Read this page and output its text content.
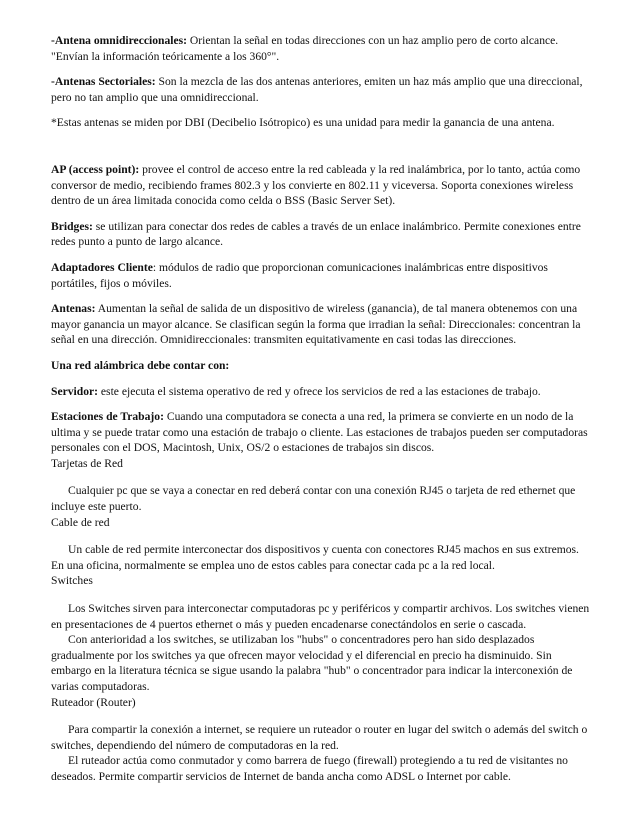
-Antena omnidireccionales: Orientan la señal en todas direcciones con un haz amplio pero de corto alcance. "Envían la información teóricamente a los 360°".

-Antenas Sectoriales: Son la mezcla de las dos antenas anteriores, emiten un haz más amplio que una direccional, pero no tan amplio que una omnidireccional.

*Estas antenas se miden por DBI (Decibelio Isótropico) es una unidad para medir la ganancia de una antena.

AP (access point): provee el control de acceso entre la red cableada y la red inalámbrica, por lo tanto, actúa como conversor de medio, recibiendo frames 802.3 y los convierte en 802.11 y viceversa. Soporta conexiones wireless dentro de un área limitada conocida como celda o BSS (Basic Server Set).

Bridges: se utilizan para conectar dos redes de cables a través de un enlace inalámbrico. Permite conexiones entre redes punto a punto de largo alcance.

Adaptadores Cliente: módulos de radio que proporcionan comunicaciones inalámbricas entre dispositivos portátiles, fijos o móviles.

Antenas: Aumentan la señal de salida de un dispositivo de wireless (ganancia), de tal manera obtenemos con una mayor ganancia un mayor alcance. Se clasifican según la forma que irradian la señal: Direccionales: concentran la señal en una dirección. Omnidireccionales: transmiten equitativamente en casi todas las direcciones.

Una red alámbrica debe contar con:

Servidor: este ejecuta el sistema operativo de red y ofrece los servicios de red a las estaciones de trabajo.

Estaciones de Trabajo: Cuando una computadora se conecta a una red, la primera se convierte en un nodo de la ultima y se puede tratar como una estación de trabajo o cliente. Las estaciones de trabajos pueden ser computadoras personales con el DOS, Macintosh, Unix, OS/2 o estaciones de trabajos sin discos.

Tarjetas de Red

Cualquier pc que se vaya a conectar en red deberá contar con una conexión RJ45 o tarjeta de red ethernet que incluye este puerto.

Cable de red

Un cable de red permite interconectar dos dispositivos y cuenta con conectores RJ45 machos en sus extremos. En una oficina, normalmente se emplea uno de estos cables para conectar cada pc a la red local.

Switches

Los Switches sirven para interconectar computadoras pc y periféricos y compartir archivos. Los switches vienen en presentaciones de 4 puertos ethernet o más y pueden encadenarse conectándolos en serie o cascada.

Con anterioridad a los switches, se utilizaban los "hubs" o concentradores pero han sido desplazados gradualmente por los switches ya que ofrecen mayor velocidad y el diferencial en precio ha disminuido. Sin embargo en la literatura técnica se sigue usando la palabra "hub" o concentrador para indicar la interconexión de varias computadoras.

Ruteador (Router)

Para compartir la conexión a internet, se requiere un ruteador o router en lugar del switch o además del switch o switches, dependiendo del número de computadoras en la red.

El ruteador actúa como conmutador y como barrera de fuego (firewall) protegiendo a tu red de visitantes no deseados. Permite compartir servicios de Internet de banda ancha como ADSL o Internet por cable.
